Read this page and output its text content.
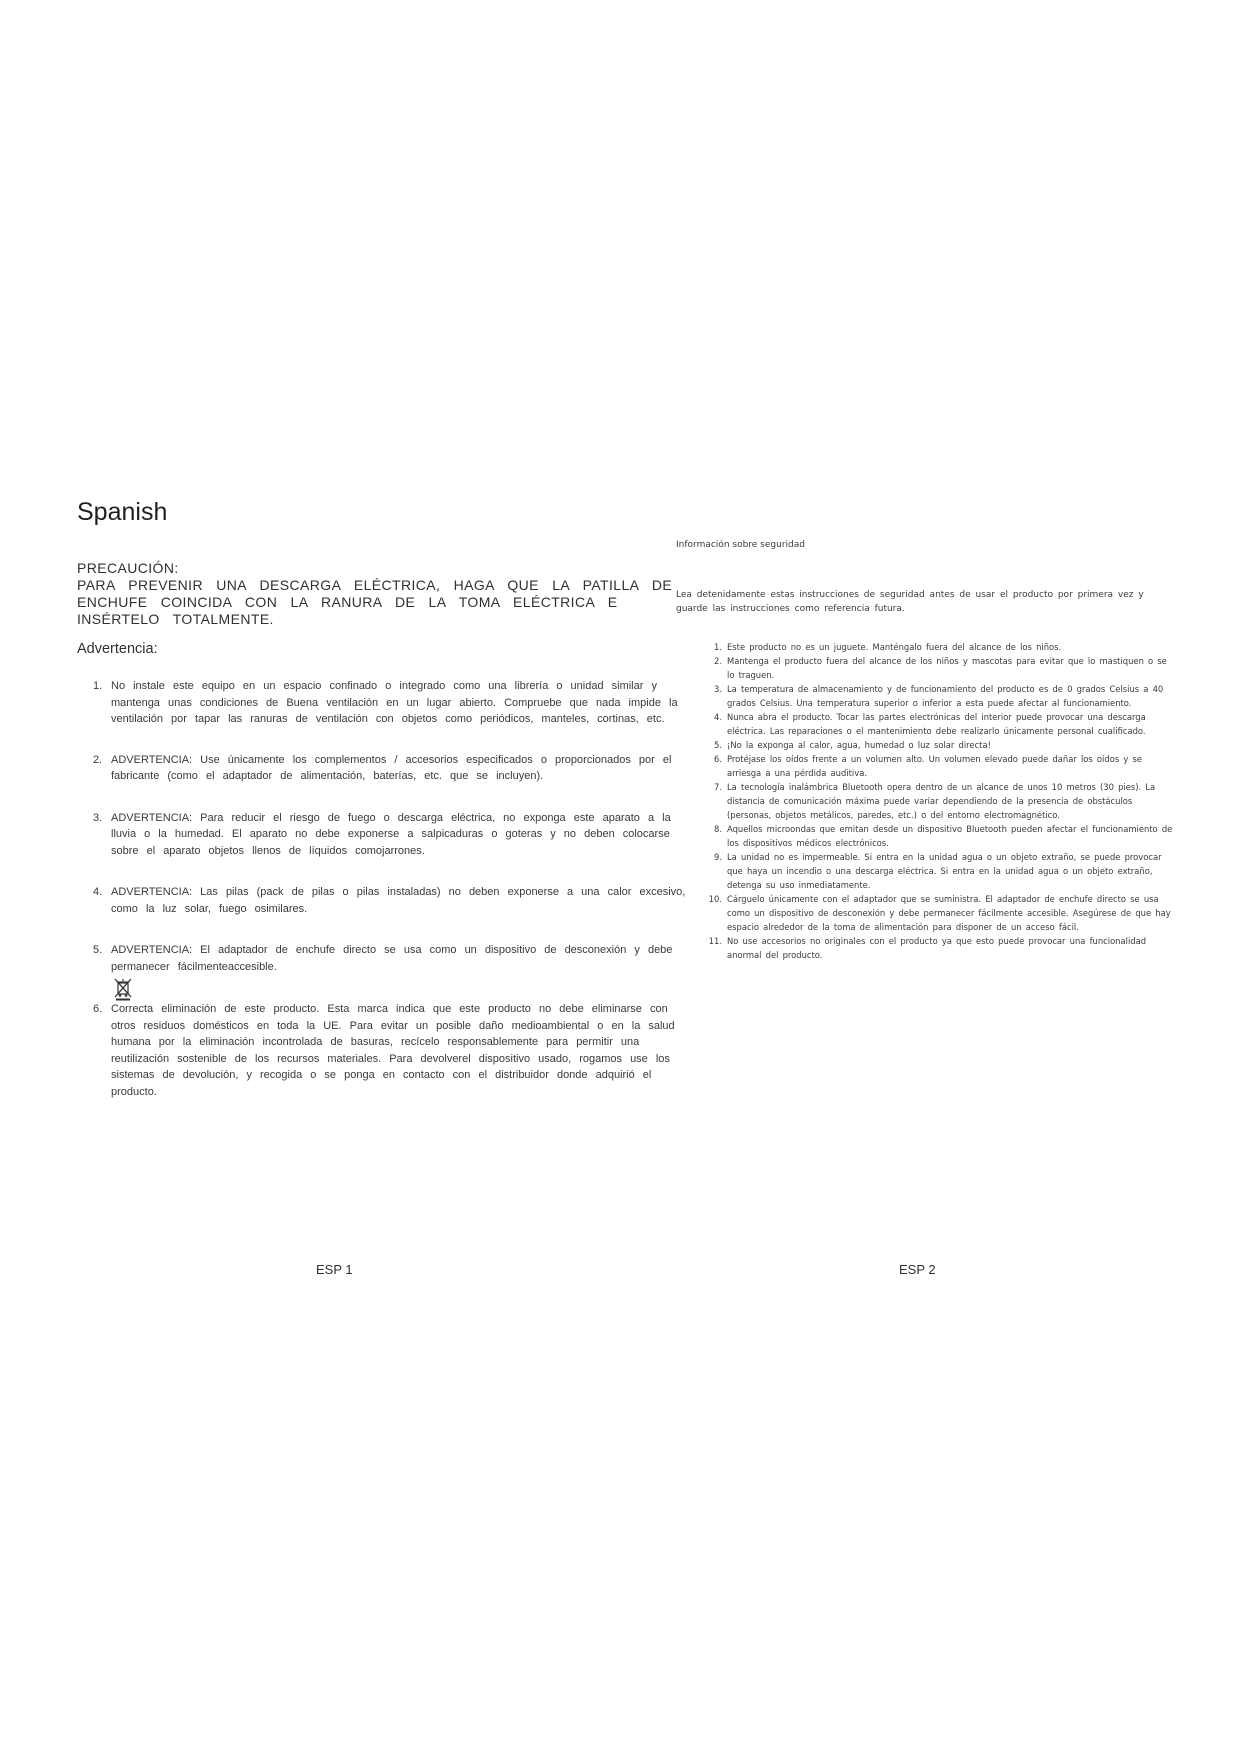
Spanish
PRECAUCIÓN:
PARA PREVENIR UNA DESCARGA ELÉCTRICA, HAGA QUE LA PATILLA DE ENCHUFE COINCIDA CON LA RANURA DE LA TOMA ELÉCTRICA E INSÉRTELO TOTALMENTE.
Advertencia:
1. No instale este equipo en un espacio confinado o integrado como una librería o unidad similar y mantenga unas condiciones de Buena ventilación en un lugar abierto. Compruebe que nada impide la ventilación por tapar las ranuras de ventilación con objetos como periódicos, manteles, cortinas, etc.
2. ADVERTENCIA: Use únicamente los complementos / accesorios especificados o proporcionados por el fabricante (como el adaptador de alimentación, baterías, etc. que se incluyen).
3. ADVERTENCIA: Para reducir el riesgo de fuego o descarga eléctrica, no exponga este aparato a la lluvia o la humedad. El aparato no debe exponerse a salpicaduras o goteras y no deben colocarse sobre el aparato objetos llenos de líquidos comojarrones.
4. ADVERTENCIA: Las pilas (pack de pilas o pilas instaladas) no deben exponerse a una calor excesivo, como la luz solar, fuego osimilares.
5. ADVERTENCIA: El adaptador de enchufe directo se usa como un dispositivo de desconexión y debe permanecer fácilmenteaccesible.
6. Correcta eliminación de este producto. Esta marca indica que este producto no debe eliminarse con otros residuos domésticos en toda la UE. Para evitar un posible daño medioambiental o en la salud humana por la eliminación incontrolada de basuras, recícelo responsablemente para permitir una reutilización sostenible de los recursos materiales. Para devolverel dispositivo usado, rogamos use los sistemas de devolución, y recogida o se ponga en contacto con el distribuidor donde adquirió el producto.
Información sobre seguridad
Lea detenidamente estas instrucciones de seguridad antes de usar el producto por primera vez y guarde las instrucciones como referencia futura.
1. Este producto no es un juguete. Manténgalo fuera del alcance de los niños.
2. Mantenga el producto fuera del alcance de los niños y mascotas para evitar que lo mastiquen o se lo traguen.
3. La temperatura de almacenamiento y de funcionamiento del producto es de 0 grados Celsius a 40 grados Celsius. Una temperatura superior o inferior a esta puede afectar al funcionamiento.
4. Nunca abra el producto. Tocar las partes electrónicas del interior puede provocar una descarga eléctrica. Las reparaciones o el mantenimiento debe realizarlo únicamente personal cualificado.
5. ¡No la exponga al calor, agua, humedad o luz solar directa!
6. Protéjase los oídos frente a un volumen alto. Un volumen elevado puede dañar los oídos y se arriesga a una pérdida auditiva.
7. La tecnología inalámbrica Bluetooth opera dentro de un alcance de unos 10 metros (30 pies). La distancia de comunicación máxima puede variar dependiendo de la presencia de obstáculos (personas, objetos metálicos, paredes, etc.) o del entorno electromagnético.
8. Aquellos microondas que emitan desde un dispositivo Bluetooth pueden afectar el funcionamiento de los dispositivos médicos electrónicos.
9. La unidad no es impermeable. Si entra en la unidad agua o un objeto extraño, se puede provocar que haya un incendio o una descarga eléctrica. Si entra en la unidad agua o un objeto extraño, detenga su uso inmediatamente.
10. Cárguelo únicamente con el adaptador que se suministra. El adaptador de enchufe directo se usa como un dispositivo de desconexión y debe permanecer fácilmente accesible. Asegúrese de que hay espacio alrededor de la toma de alimentación para disponer de un acceso fácil.
11. No use accesorios no originales con el producto ya que esto puede provocar una funcionalidad anormal del producto.
ESP 1	ESP 2
